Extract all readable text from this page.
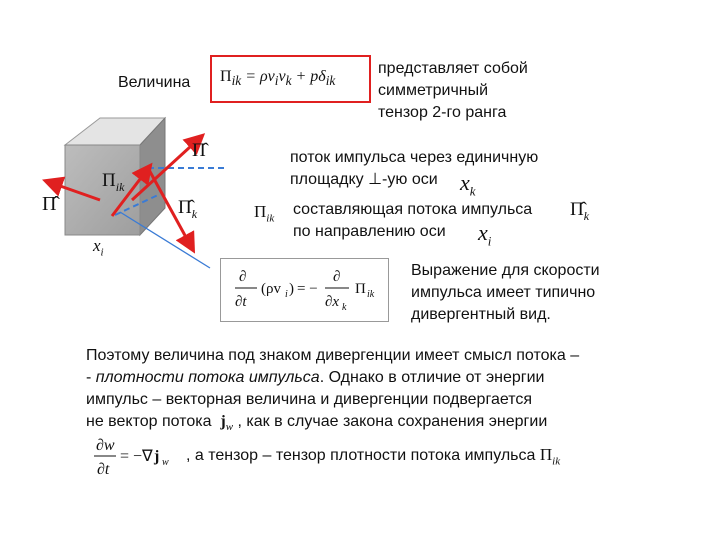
Π̂
$\Pi_{ik}$
Π̂	$\Pî_k$
$x_i$
Величина $\Pi_{ik} = \rho v_iv_k + p\delta_{ik}$
представляет собой
симметричный
тензор 2-го ранга
поток импульса через единичную
площадку ⊥-ую оси	$x_k$
$\Pi_{ik}$
составляющая потока импульса
по направлению оси
$\Pî_k$
$x_i$
∂
∂t
(ρv i ) = −
∂
∂x k
Π ik
Выражение для скорости
импульса имеет типично
дивергентный вид.
Поэтому величина под знаком дивергенции имеет смысл потока –
- плотности потока импульса. Однако в отличие от энергии
импульс – векторная величина и дивергенции подвергается
не вектор потока $j_w$ , как в случае закона сохранения энергии
∂w
∂t
= −∇ j w , а тензор – тензор плотности потока импульса $\Pi_{ik}$
